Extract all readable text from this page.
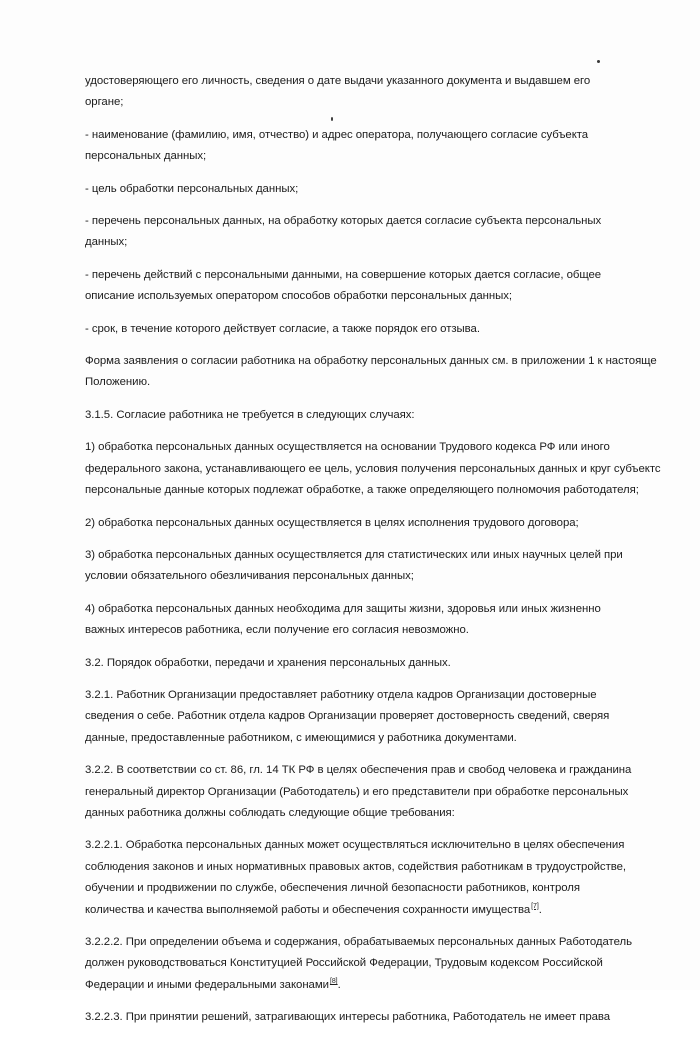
удостоверяющего его личность, сведения о дате выдачи указанного документа и выдавшем его
органе;

- наименование (фамилию, имя, отчество) и адрес оператора, получающего согласие субъекта
персональных данных;

- цель обработки персональных данных;

- перечень персональных данных, на обработку которых дается согласие субъекта персональных
данных;

- перечень действий с персональными данными, на совершение которых дается согласие, общее
описание используемых оператором способов обработки персональных данных;

- срок, в течение которого действует согласие, а также порядок его отзыва.

Форма заявления о согласии работника на обработку персональных данных см. в приложении 1 к настояще
Положению.

3.1.5. Согласие работника не требуется в следующих случаях:

1) обработка персональных данных осуществляется на основании Трудового кодекса РФ или иного
федерального закона, устанавливающего ее цель, условия получения персональных данных и круг субъектс
персональные данные которых подлежат обработке, а также определяющего полномочия работодателя;

2) обработка персональных данных осуществляется в целях исполнения трудового договора;

3) обработка персональных данных осуществляется для статистических или иных научных целей при
условии обязательного обезличивания персональных данных;

4) обработка персональных данных необходима для защиты жизни, здоровья или иных жизненно
важных интересов работника, если получение его согласия невозможно.

3.2. Порядок обработки, передачи и хранения персональных данных.

3.2.1. Работник Организации предоставляет работнику отдела кадров Организации достоверные
сведения о себе. Работник отдела кадров Организации проверяет достоверность сведений, сверяя
данные, предоставленные работником, с имеющимися у работника документами.

3.2.2. В соответствии со ст. 86, гл. 14 ТК РФ в целях обеспечения прав и свобод человека и гражданина
генеральный директор Организации (Работодатель) и его представители при обработке персональных
данных работника должны соблюдать следующие общие требования:

3.2.2.1. Обработка персональных данных может осуществляться исключительно в целях обеспечения
соблюдения законов и иных нормативных правовых актов, содействия работникам в трудоустройстве,
обучении и продвижении по службе, обеспечения личной безопасности работников, контроля
количества и качества выполняемой работы и обеспечения сохранности имущества[7].

3.2.2.2. При определении объема и содержания, обрабатываемых персональных данных Работодатель
должен руководствоваться Конституцией Российской Федерации, Трудовым кодексом Российской
Федерации и иными федеральными законами[8].

3.2.2.3. При принятии решений, затрагивающих интересы работника, Работодатель не имеет права
